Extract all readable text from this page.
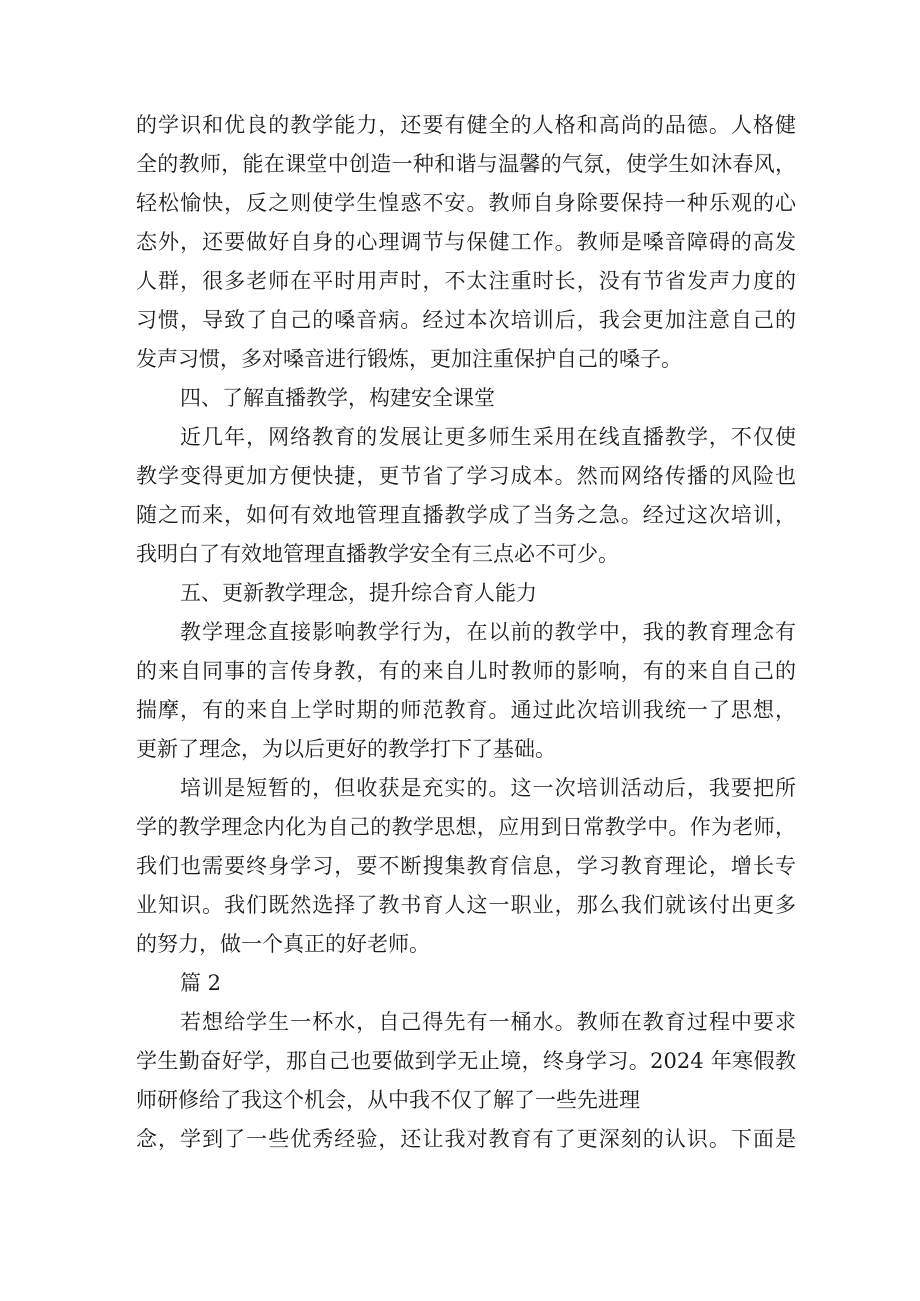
的学识和优良的教学能力，还要有健全的人格和高尚的品德。人格健
全的教师，能在课堂中创造一种和谐与温馨的气氛，使学生如沐春风，
轻松愉快，反之则使学生惶惑不安。教师自身除要保持一种乐观的心
态外，还要做好自身的心理调节与保健工作。教师是嗓音障碍的高发
人群，很多老师在平时用声时，不太注重时长，没有节省发声力度的
习惯，导致了自己的嗓音病。经过本次培训后，我会更加注意自己的
发声习惯，多对嗓音进行锻炼，更加注重保护自己的嗓子。
四、了解直播教学，构建安全课堂
近几年，网络教育的发展让更多师生采用在线直播教学，不仅使
教学变得更加方便快捷，更节省了学习成本。然而网络传播的风险也
随之而来，如何有效地管理直播教学成了当务之急。经过这次培训，
我明白了有效地管理直播教学安全有三点必不可少。
五、更新教学理念，提升综合育人能力
教学理念直接影响教学行为，在以前的教学中，我的教育理念有
的来自同事的言传身教，有的来自儿时教师的影响，有的来自自己的
揣摩，有的来自上学时期的师范教育。通过此次培训我统一了思想，
更新了理念，为以后更好的教学打下了基础。
培训是短暂的，但收获是充实的。这一次培训活动后，我要把所
学的教学理念内化为自己的教学思想，应用到日常教学中。作为老师，
我们也需要终身学习，要不断搜集教育信息，学习教育理论，增长专
业知识。我们既然选择了教书育人这一职业，那么我们就该付出更多
的努力，做一个真正的好老师。
篇 2
若想给学生一杯水，自己得先有一桶水。教师在教育过程中要求
学生勤奋好学，那自己也要做到学无止境，终身学习。2024 年寒假教
师研修给了我这个机会，从中我不仅了解了一些先进理
念，学到了一些优秀经验，还让我对教育有了更深刻的认识。下面是
